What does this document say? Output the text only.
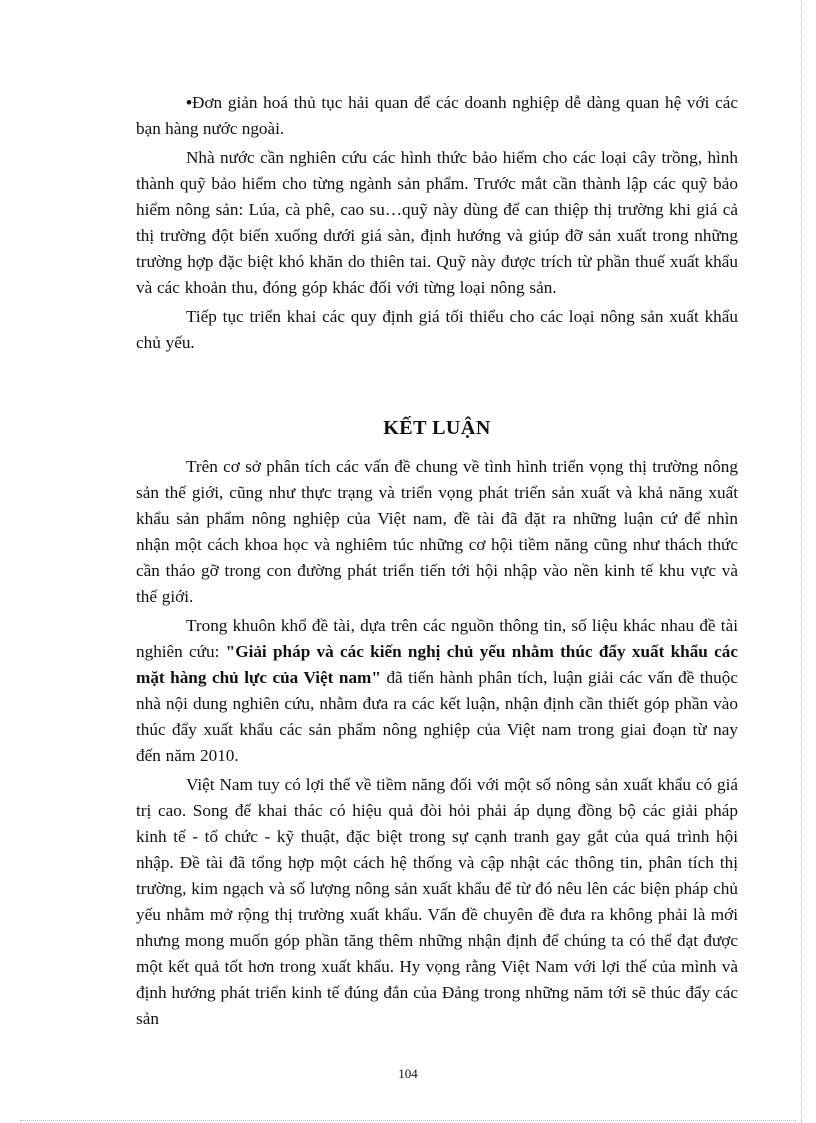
•Đơn giản hoá thủ tục hải quan để các doanh nghiệp dễ dàng quan hệ với các bạn hàng nước ngoài.

Nhà nước cần nghiên cứu các hình thức bảo hiểm cho các loại cây trồng, hình thành quỹ bảo hiểm cho từng ngành sản phẩm. Trước mắt cần thành lập các quỹ bảo hiểm nông sản: Lúa, cà phê, cao su…quỹ này dùng để can thiệp thị trường khi giá cả thị trường đột biến xuống dưới giá sàn, định hướng và giúp đỡ sản xuất trong những trường hợp đặc biệt khó khăn do thiên tai. Quỹ này được trích từ phần thuế xuất khẩu và các khoản thu, đóng góp khác đối với từng loại nông sản.

Tiếp tục triển khai các quy định giá tối thiểu cho các loại nông sản xuất khẩu chủ yếu.

KẾT LUẬN

Trên cơ sở phân tích các vấn đề chung về tình hình triển vọng thị trường nông sản thế giới, cũng như thực trạng và triển vọng phát triển sản xuất và khả năng xuất khẩu sản phẩm nông nghiệp của Việt nam, đề tài đã đặt ra những luận cứ để nhìn nhận một cách khoa học và nghiêm túc những cơ hội tiềm năng cũng như thách thức cần tháo gỡ trong con đường phát triển tiến tới hội nhập vào nền kinh tế khu vực và thế giới.

Trong khuôn khổ đề tài, dựa trên các nguồn thông tin, số liệu khác nhau đề tài nghiên cứu: "Giải pháp và các kiến nghị chủ yếu nhằm thúc đẩy xuất khẩu các mặt hàng chủ lực của Việt nam" đã tiến hành phân tích, luận giải các vấn đề thuộc nhà nội dung nghiên cứu, nhằm đưa ra các kết luận, nhận định cần thiết góp phần vào thúc đẩy xuất khẩu các sản phẩm nông nghiệp của Việt nam trong giai đoạn từ nay đến năm 2010.

Việt Nam tuy có lợi thế về tiềm năng đối với một số nông sản xuất khẩu có giá trị cao. Song để khai thác có hiệu quả đòi hỏi phải áp dụng đồng bộ các giải pháp kinh tế - tổ chức - kỹ thuật, đặc biệt trong sự cạnh tranh gay gắt của quá trình hội nhập. Đề tài đã tổng hợp một cách hệ thống và cập nhật các thông tin, phân tích thị trường, kim ngạch và số lượng nông sản xuất khẩu để từ đó nêu lên các biện pháp chủ yếu nhằm mở rộng thị trường xuất khẩu. Vấn đề chuyên đề đưa ra không phải là mới nhưng mong muốn góp phần tăng thêm những nhận định để chúng ta có thể đạt được một kết quả tốt hơn trong xuất khẩu. Hy vọng rằng Việt Nam với lợi thế của mình và định hướng phát triển kinh tế đúng đắn của Đảng trong những năm tới sẽ thúc đẩy các sản

104
